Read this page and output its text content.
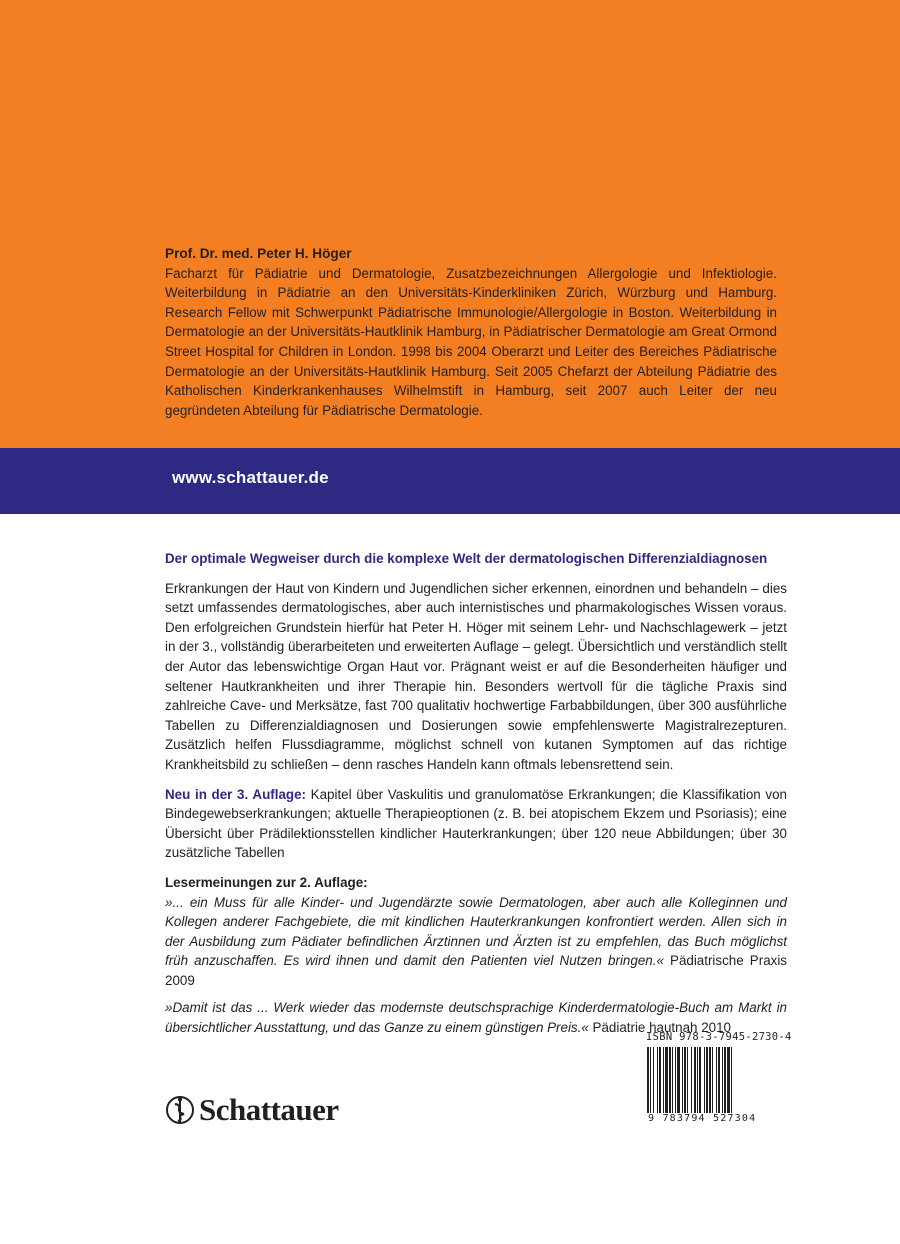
Prof. Dr. med. Peter H. Höger
Facharzt für Pädiatrie und Dermatologie, Zusatzbezeichnungen Allergologie und Infektiologie. Weiterbildung in Pädiatrie an den Universitäts-Kinderkliniken Zürich, Würzburg und Hamburg. Research Fellow mit Schwerpunkt Pädiatrische Immunologie/Allergologie in Boston. Weiterbildung in Dermatologie an der Universitäts-Hautklinik Hamburg, in Pädiatrischer Dermatologie am Great Ormond Street Hospital for Children in London. 1998 bis 2004 Oberarzt und Leiter des Bereiches Pädiatrische Dermatologie an der Universitäts-Hautklinik Hamburg. Seit 2005 Chefarzt der Abteilung Pädiatrie des Katholischen Kinderkrankenhauses Wilhelmstift in Hamburg, seit 2007 auch Leiter der neu gegründeten Abteilung für Pädiatrische Dermatologie.
www.schattauer.de

Der optimale Wegweiser durch die komplexe Welt der dermatologischen Differenzialdiagnosen

Erkrankungen der Haut von Kindern und Jugendlichen sicher erkennen, einordnen und behandeln – dies setzt umfassendes dermatologisches, aber auch internistisches und pharmakologisches Wissen voraus. Den erfolgreichen Grundstein hierfür hat Peter H. Höger mit seinem Lehr- und Nachschlagewerk – jetzt in der 3., vollständig überarbeiteten und erweiterten Auflage – gelegt. Übersichtlich und verständlich stellt der Autor das lebenswichtige Organ Haut vor. Prägnant weist er auf die Besonderheiten häufiger und seltener Hautkrankheiten und ihrer Therapie hin. Besonders wertvoll für die tägliche Praxis sind zahlreiche Cave- und Merksätze, fast 700 qualitativ hochwertige Farbabbildungen, über 300 ausführliche Tabellen zu Differenzialdiagnosen und Dosierungen sowie empfehlenswerte Magistralrezepturen. Zusätzlich helfen Flussdiagramme, möglichst schnell von kutanen Symptomen auf das richtige Krankheitsbild zu schließen – denn rasches Handeln kann oftmals lebensrettend sein.

Neu in der 3. Auflage: Kapitel über Vaskulitis und granulomatöse Erkrankungen; die Klassifikation von Bindegewebserkrankungen; aktuelle Therapieoptionen (z. B. bei atopischem Ekzem und Psoriasis); eine Übersicht über Prädilektionsstellen kindlicher Hauterkrankungen; über 120 neue Abbildungen; über 30 zusätzliche Tabellen

Lesermeinungen zur 2. Auflage:

»... ein Muss für alle Kinder- und Jugendärzte sowie Dermatologen, aber auch alle Kolleginnen und Kollegen anderer Fachgebiete, die mit kindlichen Hauterkrankungen konfrontiert werden. Allen sich in der Ausbildung zum Pädiater befindlichen Ärztinnen und Ärzten ist zu empfehlen, das Buch möglichst früh anzuschaffen. Es wird ihnen und damit den Patienten viel Nutzen bringen.« Pädiatrische Praxis 2009

»Damit ist das ... Werk wieder das modernste deutschsprachige Kinderdermatologie-Buch am Markt in übersichtlicher Ausstattung, und das Ganze zu einem günstigen Preis.« Pädiatrie hautnah 2010

ISBN 978-3-7945-2730-4
9 783794 527304
Schattauer
